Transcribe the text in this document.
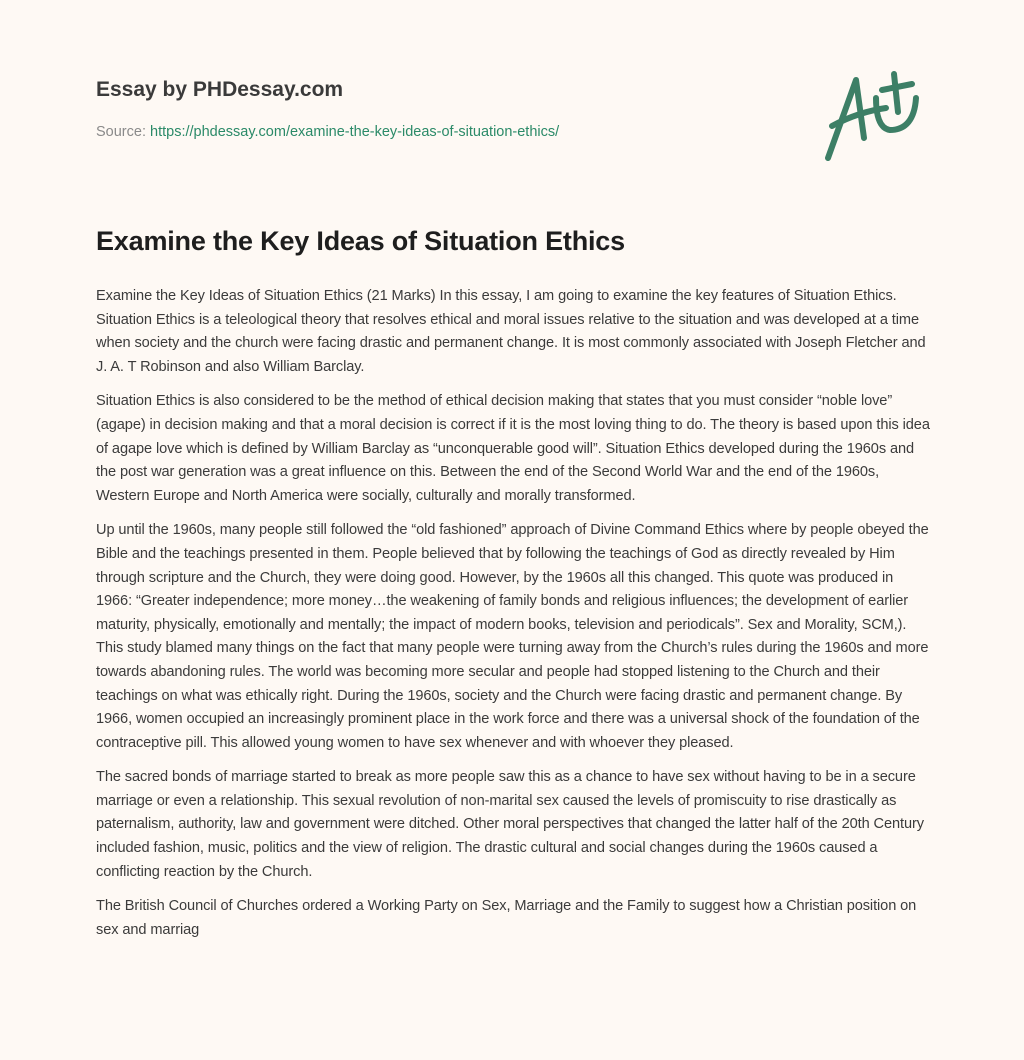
Essay by PHDessay.com
Source: https://phdessay.com/examine-the-key-ideas-of-situation-ethics/
Examine the Key Ideas of Situation Ethics

Examine the Key Ideas of Situation Ethics (21 Marks) In this essay, I am going to examine the key features of Situation Ethics. Situation Ethics is a teleological theory that resolves ethical and moral issues relative to the situation and was developed at a time when society and the church were facing drastic and permanent change. It is most commonly associated with Joseph Fletcher and J. A. T Robinson and also William Barclay.

Situation Ethics is also considered to be the method of ethical decision making that states that you must consider “noble love” (agape) in decision making and that a moral decision is correct if it is the most loving thing to do. The theory is based upon this idea of agape love which is defined by William Barclay as “unconquerable good will”. Situation Ethics developed during the 1960s and the post war generation was a great influence on this. Between the end of the Second World War and the end of the 1960s, Western Europe and North America were socially, culturally and morally transformed.

Up until the 1960s, many people still followed the “old fashioned” approach of Divine Command Ethics where by people obeyed the Bible and the teachings presented in them. People believed that by following the teachings of God as directly revealed by Him through scripture and the Church, they were doing good. However, by the 1960s all this changed. This quote was produced in 1966: “Greater independence; more money…the weakening of family bonds and religious influences; the development of earlier maturity, physically, emotionally and mentally; the impact of modern books, television and periodicals”. Sex and Morality, SCM,). This study blamed many things on the fact that many people were turning away from the Church’s rules during the 1960s and more towards abandoning rules. The world was becoming more secular and people had stopped listening to the Church and their teachings on what was ethically right. During the 1960s, society and the Church were facing drastic and permanent change. By 1966, women occupied an increasingly prominent place in the work force and there was a universal shock of the foundation of the contraceptive pill. This allowed young women to have sex whenever and with whoever they pleased.

The sacred bonds of marriage started to break as more people saw this as a chance to have sex without having to be in a secure marriage or even a relationship. This sexual revolution of non-marital sex caused the levels of promiscuity to rise drastically as paternalism, authority, law and government were ditched. Other moral perspectives that changed the latter half of the 20th Century included fashion, music, politics and the view of religion. The drastic cultural and social changes during the 1960s caused a conflicting reaction by the Church.

The British Council of Churches ordered a Working Party on Sex, Marriage and the Family to suggest how a Christian position on sex and marriag
